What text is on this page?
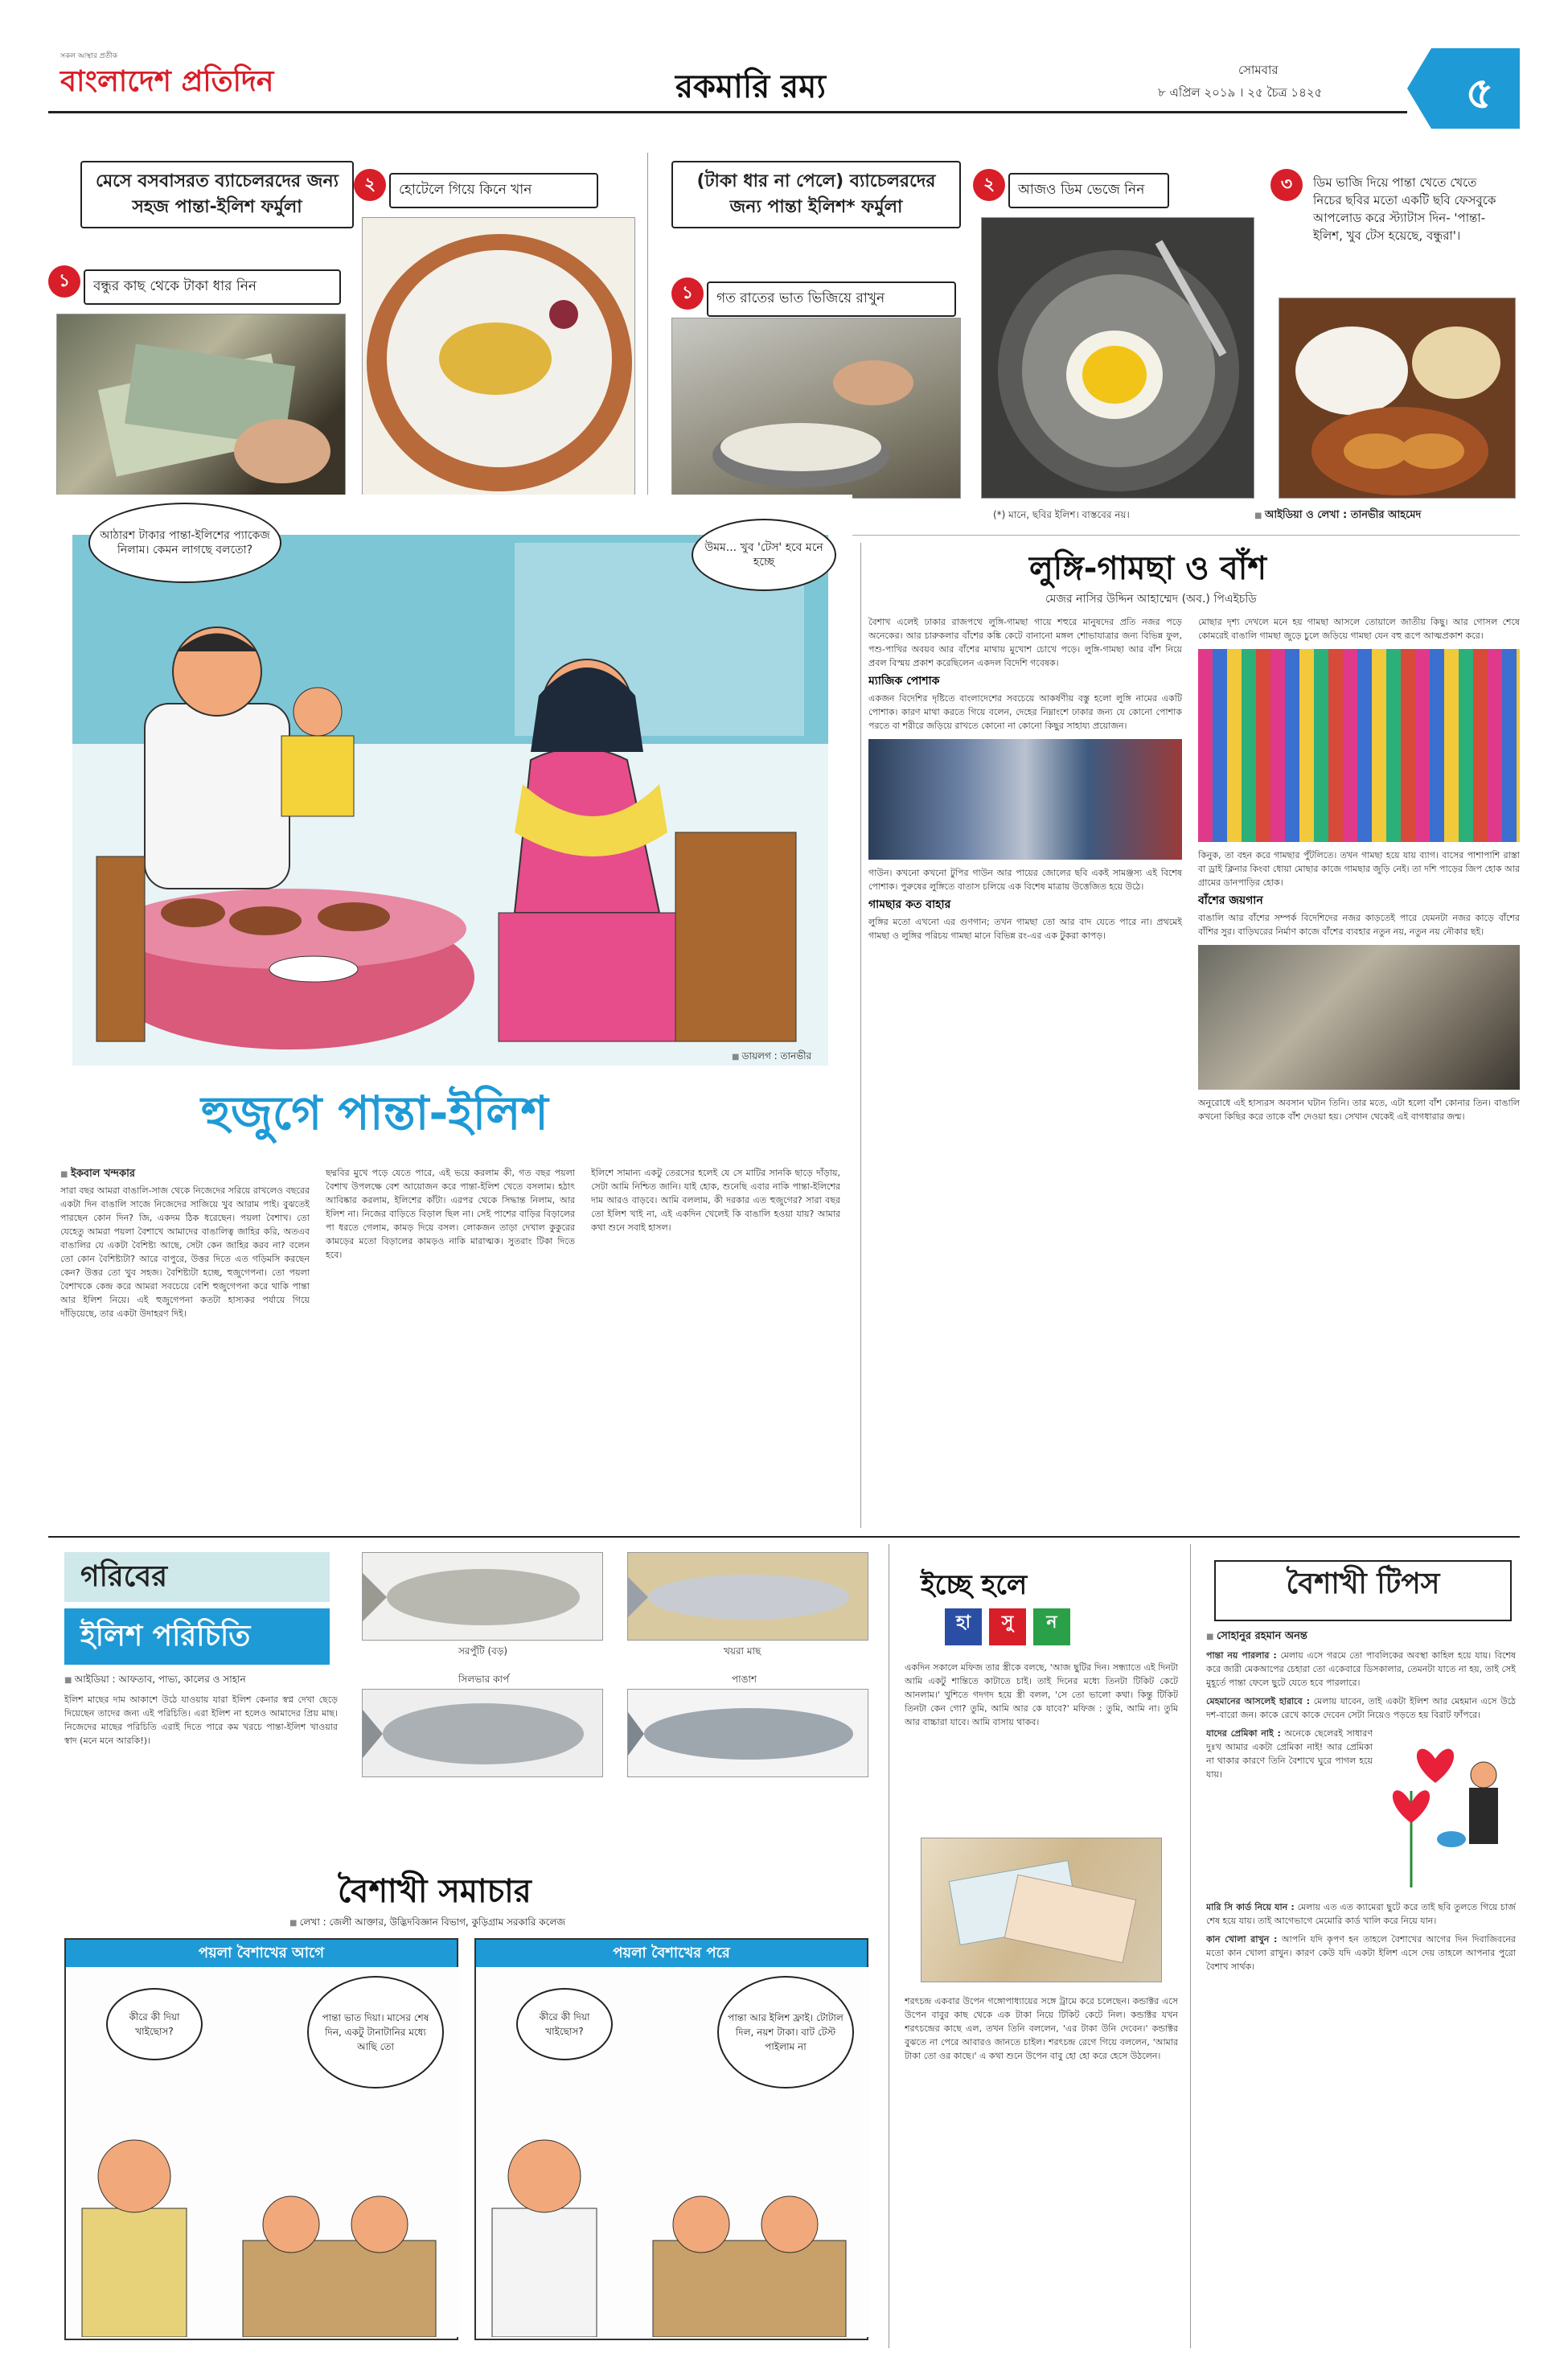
সকল আস্থার প্রতীক
বাংলাদেশ প্রতিদিন	রকমারি রম্য	সোমবার
৮ এপ্রিল ২০১৯ । ২৫ চৈত্র ১৪২৫	৫
মেসে বসবাসরত ব্যাচেলরদের জন্য সহজ পান্তা-ইলিশ ফর্মুলা
১	বন্ধুর কাছ থেকে টাকা ধার নিন
২	হোটেলে গিয়ে কিনে খান	(টাকা ধার না পেলে) ব্যাচেলরদের জন্য পান্তা ইলিশ* ফর্মুলা
১	গত রাতের ভাত ভিজিয়ে রাখুন
২	আজও ডিম ভেজে নিন	৩	ডিম ভাজি দিয়ে পান্তা খেতে খেতে নিচের ছবির মতো একটি ছবি ফেসবুকে আপলোড করে স্ট্যাটাস দিন- 'পান্তা-ইলিশ, খুব টেস হয়েছে, বন্ধুরা'।
(*) মানে, ছবির ইলিশ। বাস্তবের নয়।
■	আইডিয়া ও লেখা : তানভীর আহমেদ
আঠারশ টাকার পান্তা-ইলিশের প্যাকেজ নিলাম। কেমন লাগছে বলতো?	উমম... খুব 'টেস' হবে মনে হচ্ছে
■ ডায়লগ : তানভীর
হুজুগে পান্তা-ইলিশ
■ ইকবাল খন্দকার
সারা বছর আমরা বাঙালি-সাজ থেকে নিজেদের সরিয়ে রাখলেও বছরের একটা দিন বাঙালি সাজে নিজেদের সাজিয়ে খুব আরাম পাই। বুঝতেই পারছেন কোন দিন? জি, একদম ঠিক ধরেছেন। পয়লা বৈশাখ। তো যেহেতু আমরা পয়লা বৈশাখে আমাদের বাঙালিত্ব জাহির করি, অতএব বাঙালির যে একটা বৈশিষ্ট্য আছে, সেটা কেন জাহির করব না? বলেন তো কোন বৈশিষ্ট্যটা? আরে বাপুরে, উত্তর দিতে এত গড়িমসি করছেন কেন? উত্তর তো খুব সহজ। বৈশিষ্ট্যটা হচ্ছে, হুজুগেপনা। তো পয়লা বৈশাখকে কেন্দ্র করে আমরা সবচেয়ে বেশি হুজুগেপনা করে থাকি পান্তা আর ইলিশ নিয়ে। এই হুজুগেপনা কতটা হাস্যকর পর্যায়ে গিয়ে দাঁড়িয়েছে, তার একটা উদাহরণ দিই।
ছদ্মবির মুখে পড়ে যেতে পারে, এই ভয়ে করলাম কী, গত বছর পয়লা বৈশাখ উপলক্ষে বেশ আয়োজন করে পান্তা-ইলিশ খেতে বসলাম। হঠাৎ আবিষ্কার করলাম, ইলিশের কাঁটা। এরপর থেকে সিদ্ধান্ত নিলাম, আর ইলিশ না। নিজের বাড়িতে বিড়াল ছিল না। সেই পাশের বাড়ির বিড়ালের পা ধরতে গেলাম, কামড় দিয়ে বসল। লোকজন তাড়া দেখাল কুকুরের কামড়ের মতো বিড়ালের কামড়ও নাকি মারাত্মক। সুতরাং টিকা দিতে হবে।
ইলিশে সামান্য একটু তেরসের হলেই যে সে মাটির সানকি ছাড়ে দাঁড়ায়, সেটা আমি নিশ্চিত জানি। যাই হোক, শুনেছি এবার নাকি পান্তা-ইলিশের দাম আরও বাড়বে। আমি বললাম, কী দরকার এত হুজুগের? সারা বছর তো ইলিশ খাই না, এই একদিন খেলেই কি বাঙালি হওয়া যায়? আমার কথা শুনে সবাই হাসল।
লুঙ্গি-গামছা ও বাঁশ
মেজর নাসির উদ্দিন আহাম্মেদ (অব.) পিএইচডি
বৈশাখ এলেই ঢাকার রাজপথে লুঙ্গি-গামছা গায়ে শহুরে মানুষদের প্রতি নজর পড়ে অনেকের। আর চারুকলার বাঁশের কঙ্কি কেটে বানানো মঙ্গল শোভাযাত্রার জন্য বিভিন্ন ফুল, পশু-পাখির অবয়ব আর বাঁশের মাথায় মুখোশ চোখে পড়ে। লুঙ্গি-গামছা আর বাঁশ নিয়ে প্রবল বিস্ময় প্রকাশ করেছিলেন একদল বিদেশি গবেষক।
ম্যাজিক পোশাক
একজন বিদেশির দৃষ্টিতে বাংলাদেশের সবচেয়ে আকর্ষণীয় বস্তু হলো লুঙ্গি নামের একটি পোশাক। কারণ মাথা করতে গিয়ে বলেন, দেহের নিম্নাংশে ঢাকার জন্য যে কোনো পোশাক পরতে বা শরীরে জড়িয়ে রাখতে কোনো না কোনো কিছুর সাহায্য প্রয়োজন।
গাউন। কখনো কখনো টুপির গাউন আর পায়ের জোলের ছবি একই সামঞ্জস্য এই বিশেষ পোশাক। পুরুষের লুঙ্গিতে বাতাস চলিয়ে এক বিশেষ মাত্রায় উত্তেজিত হয়ে উঠে।
গামছার কত বাহার
লুঙ্গির মতো এখনো এর গুণগান; তখন গামছা তো আর বাদ যেতে পারে না। প্রথমেই গামছা ও লুঙ্গির পরিচয় গামছা মানে বিভিন্ন রং-এর এক টুকরা কাপড়।
মোছার দৃশ্য দেখলে মনে হয় গামছা আসলে তোয়ালে জাতীয় কিছু। আর গোসল শেষে কোমরেই বাঙালি গামছা জুড়ে চুলে জড়িয়ে গামছা যেন বহু রূপে আত্মপ্রকাশ করে।
কিনুক, তা বহন করে গামছার পুঁটলিতে। তখন গামছা হয়ে যায় ব্যাগ। বাসের পাশাপাশি রাস্তা বা ড্রাই ক্লিনার কিংবা ধোয়া মোছার কাজে গামছার জুড়ি নেই। তা দশি পাড়ের জিপ হোক আর গ্রামের ডানপাড়ির হোক।
বাঁশের জয়গান
বাঙালি আর বাঁশের সম্পর্ক বিদেশিদের নজর কাড়তেই পারে যেমনটা নজর কাড়ে বাঁশের বাঁশির সুর। বাড়িঘরের নির্মাণ কাজে বাঁশের ব্যবহার নতুন নয়, নতুন নয় নৌকার ছই।
অনুরোধে এই হাস্যরস অবসান ঘটান তিনি। তার মতে, এটা হলো বাঁশ কোনার তিন। বাঙালি কখনো কিছির করে তাকে বাঁশ দেওয়া হয়। সেখান থেকেই এই বাগধারার জন্ম।
গরিবের
ইলিশ পরিচিতি
■ আইডিয়া : আফতাব, পাভ্য, কালের ও সাহান
ইলিশ মাছের দাম আকাশে উঠে যাওয়ায় যারা ইলিশ কেনার স্বপ্ন দেখা ছেড়ে দিয়েছেন তাদের জন্য এই পরিচিতি। এরা ইলিশ না হলেও আমাদের প্রিয় মাছ। নিজেদের মাছের পরিচিতি এরাই দিতে পারে কম খরচে পান্তা-ইলিশ খাওয়ার স্বাদ (মনে মনে আরকি!)।
সরপুঁটি (বড়)	খয়রা মাছ
সিলভার কার্প	পাঙাশ
বৈশাখী সমাচার
■ লেখা : জেলী আক্তার, উদ্ভিদবিজ্ঞান বিভাগ, কুড়িগ্রাম সরকারি কলেজ
পয়লা বৈশাখের আগে
কীরে কী দিয়া খাইছোস?
পান্তা ভাত দিয়া। মাসের শেষ দিন, একটু টানাটানির মধ্যে আছি তো
পয়লা বৈশাখের পরে
কীরে কী দিয়া খাইছোস?
পান্তা আর ইলিশ ফ্রাই। টোটাল দিল, নয়শ টাকা। বাট টেস্ট পাইলাম না
ইচ্ছে হলে
হা	সু	ন
একদিন সকালে মফিজ তার স্ত্রীকে বলছে, 'আজ ছুটির দিন। সন্ধ্যাতে এই দিনটা আমি একটু শান্তিতে কাটাতে চাই। তাই দিনের মধ্যে তিনটা টিকিট কেটে আনলাম।' খুশিতে গদগদ হয়ে স্ত্রী বলল, 'সে তো ভালো কথা। কিন্তু টিকিট তিনটা কেন গো? তুমি, আমি আর কে যাবে?' মফিজ : তুমি, আমি না। তুমি আর বাচ্চারা যাবে। আমি বাসায় থাকব।
শরৎচন্দ্র একবার উপেন গঙ্গোপাধ্যায়ের সঙ্গে ট্রামে করে চলেছেন। কন্ডাক্টর এসে উপেন বাবুর কাছ থেকে এক টাকা নিয়ে টিকিট কেটে নিল। কন্ডাক্টর যখন শরৎচন্দ্রের কাছে এল, তখন তিনি বললেন, 'এর টাকা উনি দেবেন।' কন্ডাক্টর বুঝতে না পেরে আবারও জানতে চাইল। শরৎচন্দ্র রেগে গিয়ে বললেন, 'আমার টাকা তো ওর কাছে।' এ কথা শুনে উপেন বাবু হো হো করে হেসে উঠলেন।
বৈশাখী টিপস
■ সোহানুর রহমান অনন্ত

পান্তা নয় পারলার : মেলায় এসে গরমে তো পাবলিকের অবস্থা কাহিল হয়ে যায়। বিশেষ করে জারী মেকআপের চেহারা তো একেবারে ডিসকালার, তেমনটা যাতে না হয়, তাই সেই মুহূর্তে পান্তা ফেলে ছুটে যেতে হবে পারলারে।

মেহমানের আসলেই হারাবে : মেলায় যাবেন, তাই একটা ইলিশ আর মেহমান এসে উঠে দশ-বারো জন। কাকে রেখে কাকে দেবেন সেটা নিয়েও পড়তে হয় বিরাট ফাঁপরে।

যাদের প্রেমিকা নাই : অনেকে ছেলেরই সাধারণ দুঃখ আমার একটা প্রেমিকা নাই! আর প্রেমিকা না থাকার কারণে তিনি বৈশাখে ঘুরে পাগল হয়ে যায়।

মারি সি কার্ড নিয়ে যান : মেলায় এত এত ক্যামেরা ছুটে করে তাই ছবি তুলতে গিয়ে চার্জ শেষ হয়ে যায়। তাই আগেভাগে মেমোরি কার্ড খালি করে নিয়ে যান।

কান খোলা রাখুন : আপনি যদি কৃপণ হন তাহলে বৈশাখের আগের দিন দিবাজিবনের মতো কান খোলা রাখুন। কারণ কেউ যদি একটা ইলিশ এসে দেয় তাহলে আপনার পুরো বৈশাখ সার্থক।
